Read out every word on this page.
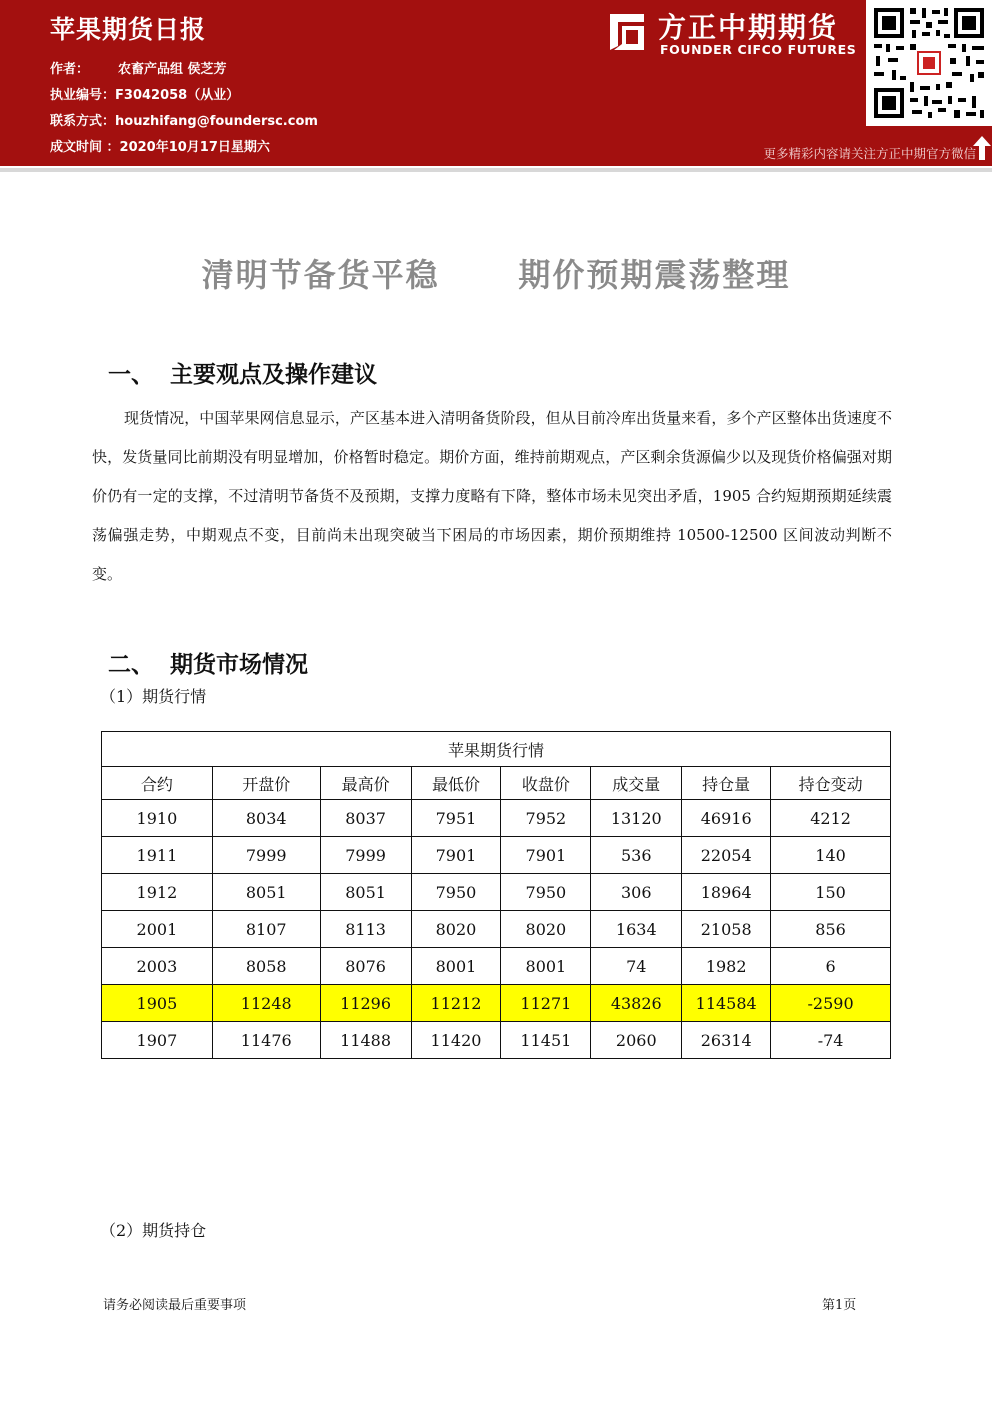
苹果期货日报
作者： 农畜产品组 侯芝芳
执业编号：F3042058（从业）
联系方式：houzhifang@foundersc.com
成文时间 ：2020年10月17日星期六
方正中期期货
FOUNDER CIFCO FUTURES
更多精彩内容请关注方正中期官方微信
清明节备货平稳      期价预期震荡整理

一、 主要观点及操作建议

现货情况，中国苹果网信息显示，产区基本进入清明备货阶段，但从目前冷库出货量来看，多个产区整体出货速度不快，发货量同比前期没有明显增加，价格暂时稳定。期价方面，维持前期观点，产区剩余货源偏少以及现货价格偏强对期价仍有一定的支撑，不过清明节备货不及预期，支撑力度略有下降，整体市场未见突出矛盾，1905 合约短期预期延续震荡偏强走势，中期观点不变，目前尚未出现突破当下困局的市场因素，期价预期维持 10500-12500 区间波动判断不变。

二、 期货市场情况

（1）期货行情
苹果期货行情							
合约	开盘价	最高价	最低价	收盘价	成交量	持仓量	持仓变动
1910	8034	8037	7951	7952	13120	46916	4212
1911	7999	7999	7901	7901	536	22054	140
1912	8051	8051	7950	7950	306	18964	150
2001	8107	8113	8020	8020	1634	21058	856
2003	8058	8076	8001	8001	74	1982	6
1905	11248	11296	11212	11271	43826	114584	-2590
1907	11476	11488	11420	11451	2060	26314	-74
（2）期货持仓
请务必阅读最后重要事项	第1页
